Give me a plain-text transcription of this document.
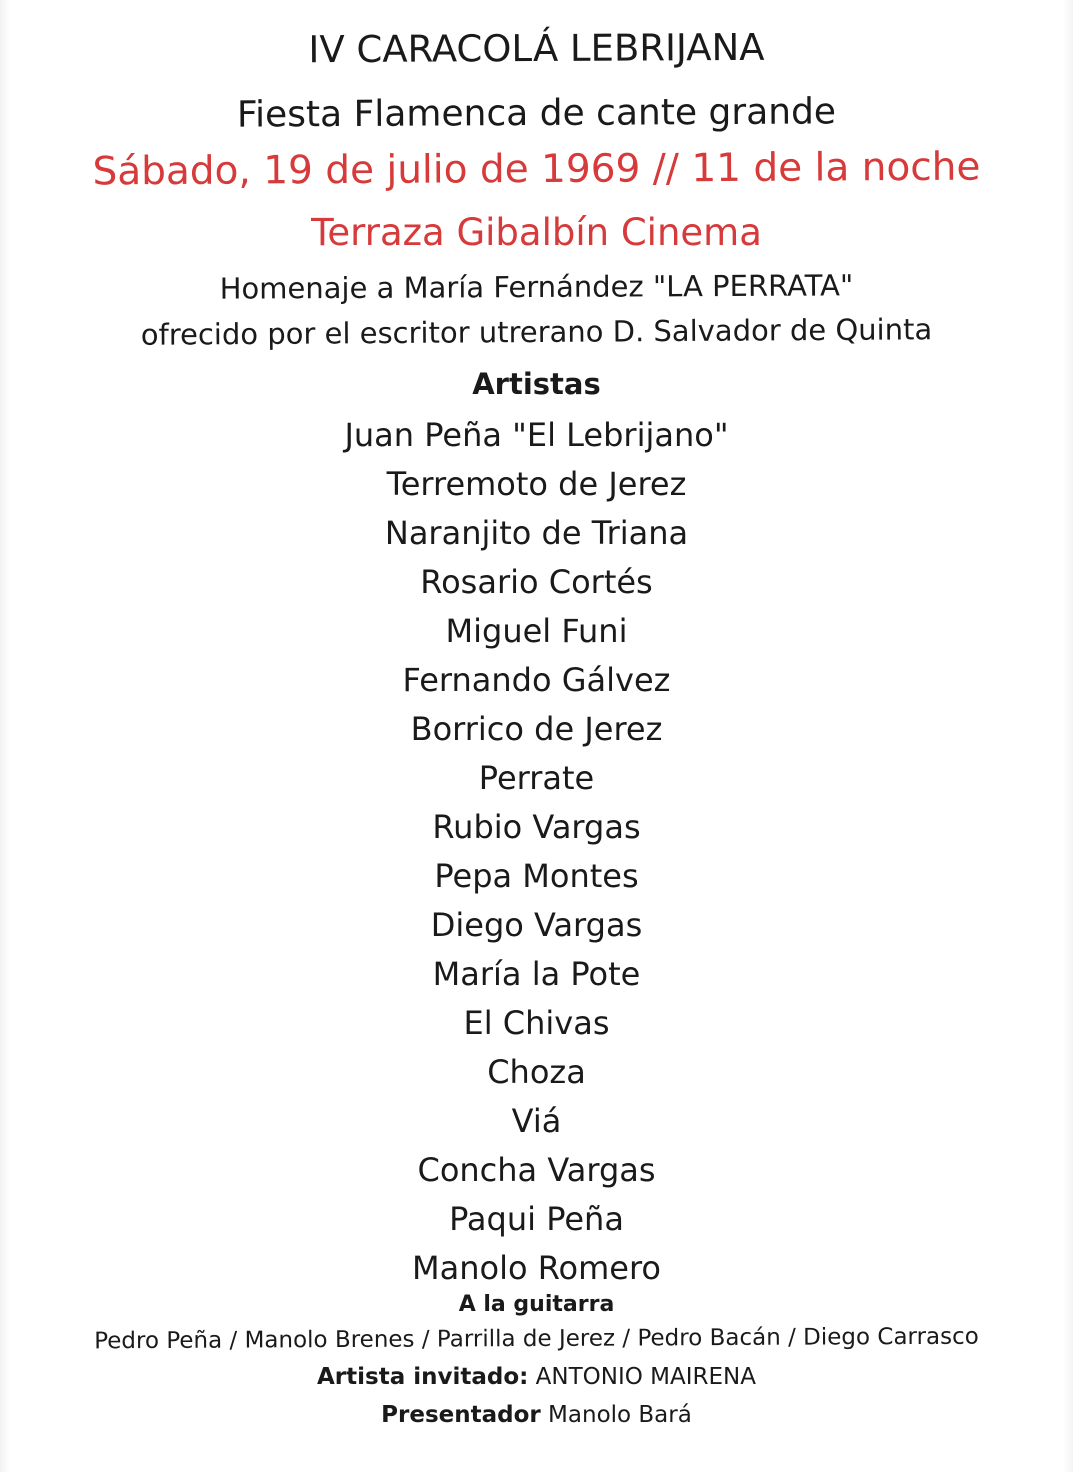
IV CARACOLÁ LEBRIJANA
Fiesta Flamenca de cante grande
Sábado, 19 de julio de 1969 // 11 de la noche
Terraza Gibalbín Cinema
Homenaje a María Fernández "LA PERRATA"
ofrecido por el escritor utrerano D. Salvador de Quinta
Artistas
Juan Peña "El Lebrijano"
Terremoto de Jerez
Naranjito de Triana
Rosario Cortés
Miguel Funi
Fernando Gálvez
Borrico de Jerez
Perrate
Rubio Vargas
Pepa Montes
Diego Vargas
María la Pote
El Chivas
Choza
Viá
Concha Vargas
Paqui Peña
Manolo Romero
A la guitarra
Pedro Peña / Manolo Brenes / Parrilla de Jerez / Pedro Bacán / Diego Carrasco
Artista invitado: ANTONIO MAIRENA
Presentador Manolo Bará
